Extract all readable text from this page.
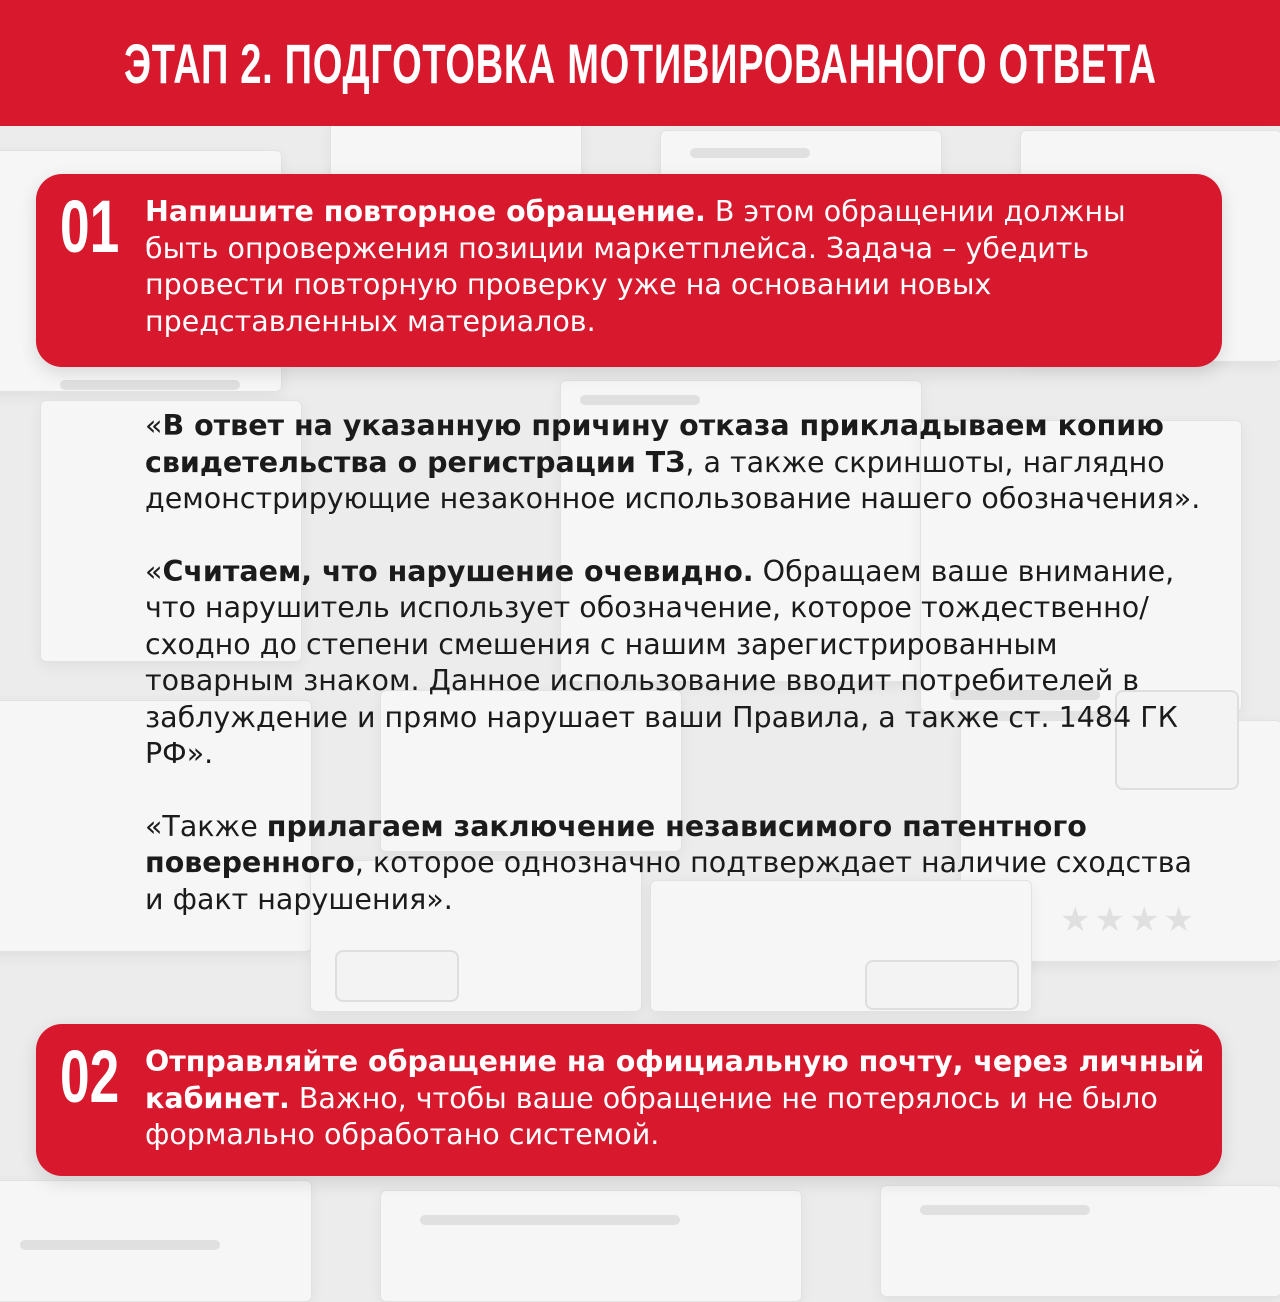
★★★★
ЭТАП 2. ПОДГОТОВКА МОТИВИРОВАННОГО ОТВЕТА
01 Напишите повторное обращение. В этом обращении должны быть опровержения позиции маркетплейса. Задача – убедить провести повторную проверку уже на основании новых представленных материалов.

«В ответ на указанную причину отказа прикладываем копию свидетельства о регистрации ТЗ, а также скриншоты, наглядно демонстрирующие незаконное использование нашего обозначения».

«Считаем, что нарушение очевидно. Обращаем ваше внимание, что нарушитель использует обозначение, которое тождественно/сходно до степени смешения с нашим зарегистрированным товарным знаком. Данное использование вводит потребителей в заблуждение и прямо нарушает ваши Правила, а также ст. 1484 ГК РФ».

«Также прилагаем заключение независимого патентного поверенного, которое однозначно подтверждает наличие сходства и факт нарушения».

02 Отправляйте обращение на официальную почту, через личный кабинет. Важно, чтобы ваше обращение не потерялось и не было формально обработано системой.
